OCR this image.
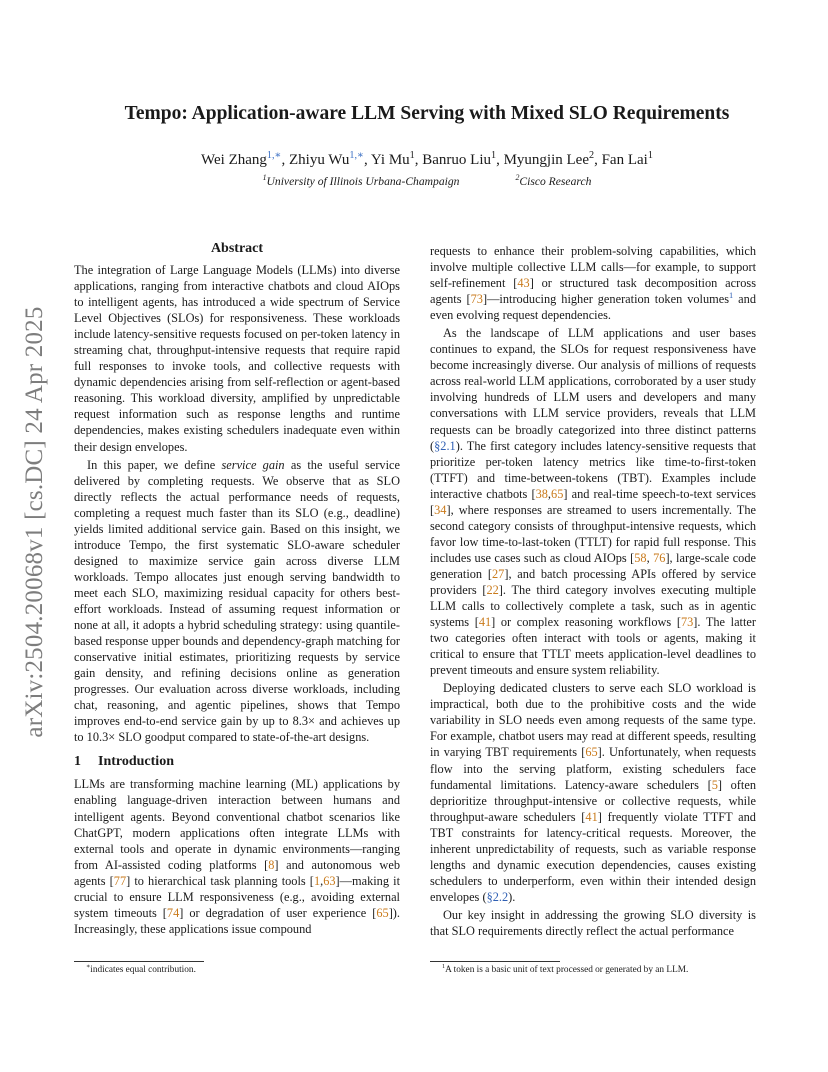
arXiv:2504.20068v1 [cs.DC] 24 Apr 2025
Tempo: Application-aware LLM Serving with Mixed SLO Requirements
Wei Zhang$^{1,∗}$, Zhiyu $Wu^{1,∗}$, Yi Mu$^1$, Banruo Liu$^1$, Myungjin Lee$^2$, Fan Lai$^1$
$^1$University of Illinois Urbana-Champaign	$^2$Cisco Research
Abstract

The integration of Large Language Models (LLMs) into diverse applications, ranging from interactive chatbots and cloud AIOps to intelligent agents, has introduced a wide spectrum of Service Level Objectives (SLOs) for responsiveness. These workloads include latency-sensitive requests focused on per-token latency in streaming chat, throughput-intensive requests that require rapid full responses to invoke tools, and collective requests with dynamic dependencies arising from self-reflection or agent-based reasoning. This workload diversity, amplified by unpredictable request information such as response lengths and runtime dependencies, makes existing schedulers inadequate even within their design envelopes.

In this paper, we define service gain as the useful service delivered by completing requests. We observe that as SLO directly reflects the actual performance needs of requests, completing a request much faster than its SLO (e.g., deadline) yields limited additional service gain. Based on this insight, we introduce Tempo, the first systematic SLO-aware scheduler designed to maximize service gain across diverse LLM workloads. Tempo allocates just enough serving bandwidth to meet each SLO, maximizing residual capacity for others best-effort workloads. Instead of assuming request information or none at all, it adopts a hybrid scheduling strategy: using quantile-based response upper bounds and dependency-graph matching for conservative initial estimates, prioritizing requests by service gain density, and refining decisions online as generation progresses. Our evaluation across diverse workloads, including chat, reasoning, and agentic pipelines, shows that Tempo improves end-to-end service gain by up to 8.3× and achieves up to 10.3× SLO goodput compared to state-of-the-art designs.

1 Introduction

LLMs are transforming machine learning (ML) applications by enabling language-driven interaction between humans and intelligent agents. Beyond conventional chatbot scenarios like ChatGPT, modern applications often integrate LLMs with external tools and operate in dynamic environments—ranging from AI-assisted coding platforms [8] and autonomous web agents [77] to hierarchical task planning tools [1,63]—making it crucial to ensure LLM responsiveness (e.g., avoiding external system timeouts [74] or degradation of user experience [65]). Increasingly, these applications issue compound

requests to enhance their problem-solving capabilities, which involve multiple collective LLM calls—for example, to support self-refinement [43] or structured task decomposition across agents [73]—introducing higher generation token volumes$^1$ and even evolving request dependencies.

As the landscape of LLM applications and user bases continues to expand, the SLOs for request responsiveness have become increasingly diverse. Our analysis of millions of requests across real-world LLM applications, corroborated by a user study involving hundreds of LLM users and developers and many conversations with LLM service providers, reveals that LLM requests can be broadly categorized into three distinct patterns (§2.1). The first category includes latency-sensitive requests that prioritize per-token latency metrics like time-to-first-token (TTFT) and time-between-tokens (TBT). Examples include interactive chatbots [38,65] and real-time speech-to-text services [34], where responses are streamed to users incrementally. The second category consists of throughput-intensive requests, which favor low time-to-last-token (TTLT) for rapid full response. This includes use cases such as cloud AIOps [58, 76], large-scale code generation [27], and batch processing APIs offered by service providers [22]. The third category involves executing multiple LLM calls to collectively complete a task, such as in agentic systems [41] or complex reasoning workflows [73]. The latter two categories often interact with tools or agents, making it critical to ensure that TTLT meets application-level deadlines to prevent timeouts and ensure system reliability.

Deploying dedicated clusters to serve each SLO workload is impractical, both due to the prohibitive costs and the wide variability in SLO needs even among requests of the same type. For example, chatbot users may read at different speeds, resulting in varying TBT requirements [65]. Unfortunately, when requests flow into the serving platform, existing schedulers face fundamental limitations. Latency-aware schedulers [5] often deprioritize throughput-intensive or collective requests, while throughput-aware schedulers [41] frequently violate TTFT and TBT constraints for latency-critical requests. Moreover, the inherent unpredictability of requests, such as variable response lengths and dynamic execution dependencies, causes existing schedulers to underperform, even within their intended design envelopes (§2.2).

Our key insight in addressing the growing SLO diversity is that SLO requirements directly reflect the actual performance

∗indicates equal contribution.	$^1$A token is a basic unit of text processed or generated by an LLM.
